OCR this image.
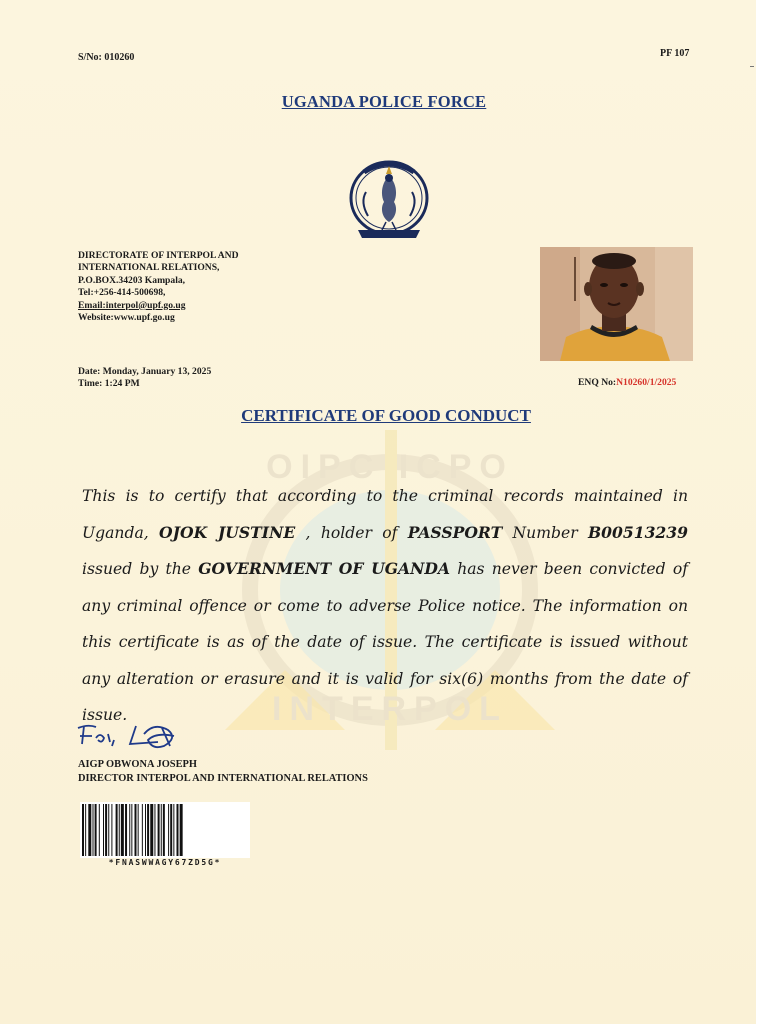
S/No: 010260	PF 107
UGANDA POLICE FORCE
DIRECTORATE OF INTERPOL AND
INTERNATIONAL RELATIONS,
P.O.BOX.34203 Kampala,
Tel:+256-414-500698,
Email:interpol@upf.go.ug
Website:www.upf.go.ug
Date: Monday, January 13, 2025
Time: 1:24 PM	ENQ No:N10260/1/2025
OIPC ICPO
INTERPOL
CERTIFICATE OF GOOD CONDUCT
This is to certify that according to the criminal records maintained in Uganda, OJOK JUSTINE , holder of PASSPORT Number B00513239 issued by the GOVERNMENT OF UGANDA has never been convicted of any criminal offence or come to adverse Police notice. The information on this certificate is as of the date of issue. The certificate is issued without any alteration or erasure and it is valid for six(6) months from the date of issue.
AIGP OBWONA JOSEPH
DIRECTOR INTERPOL AND INTERNATIONAL RELATIONS
*FNASWWAGY67ZD5G*
